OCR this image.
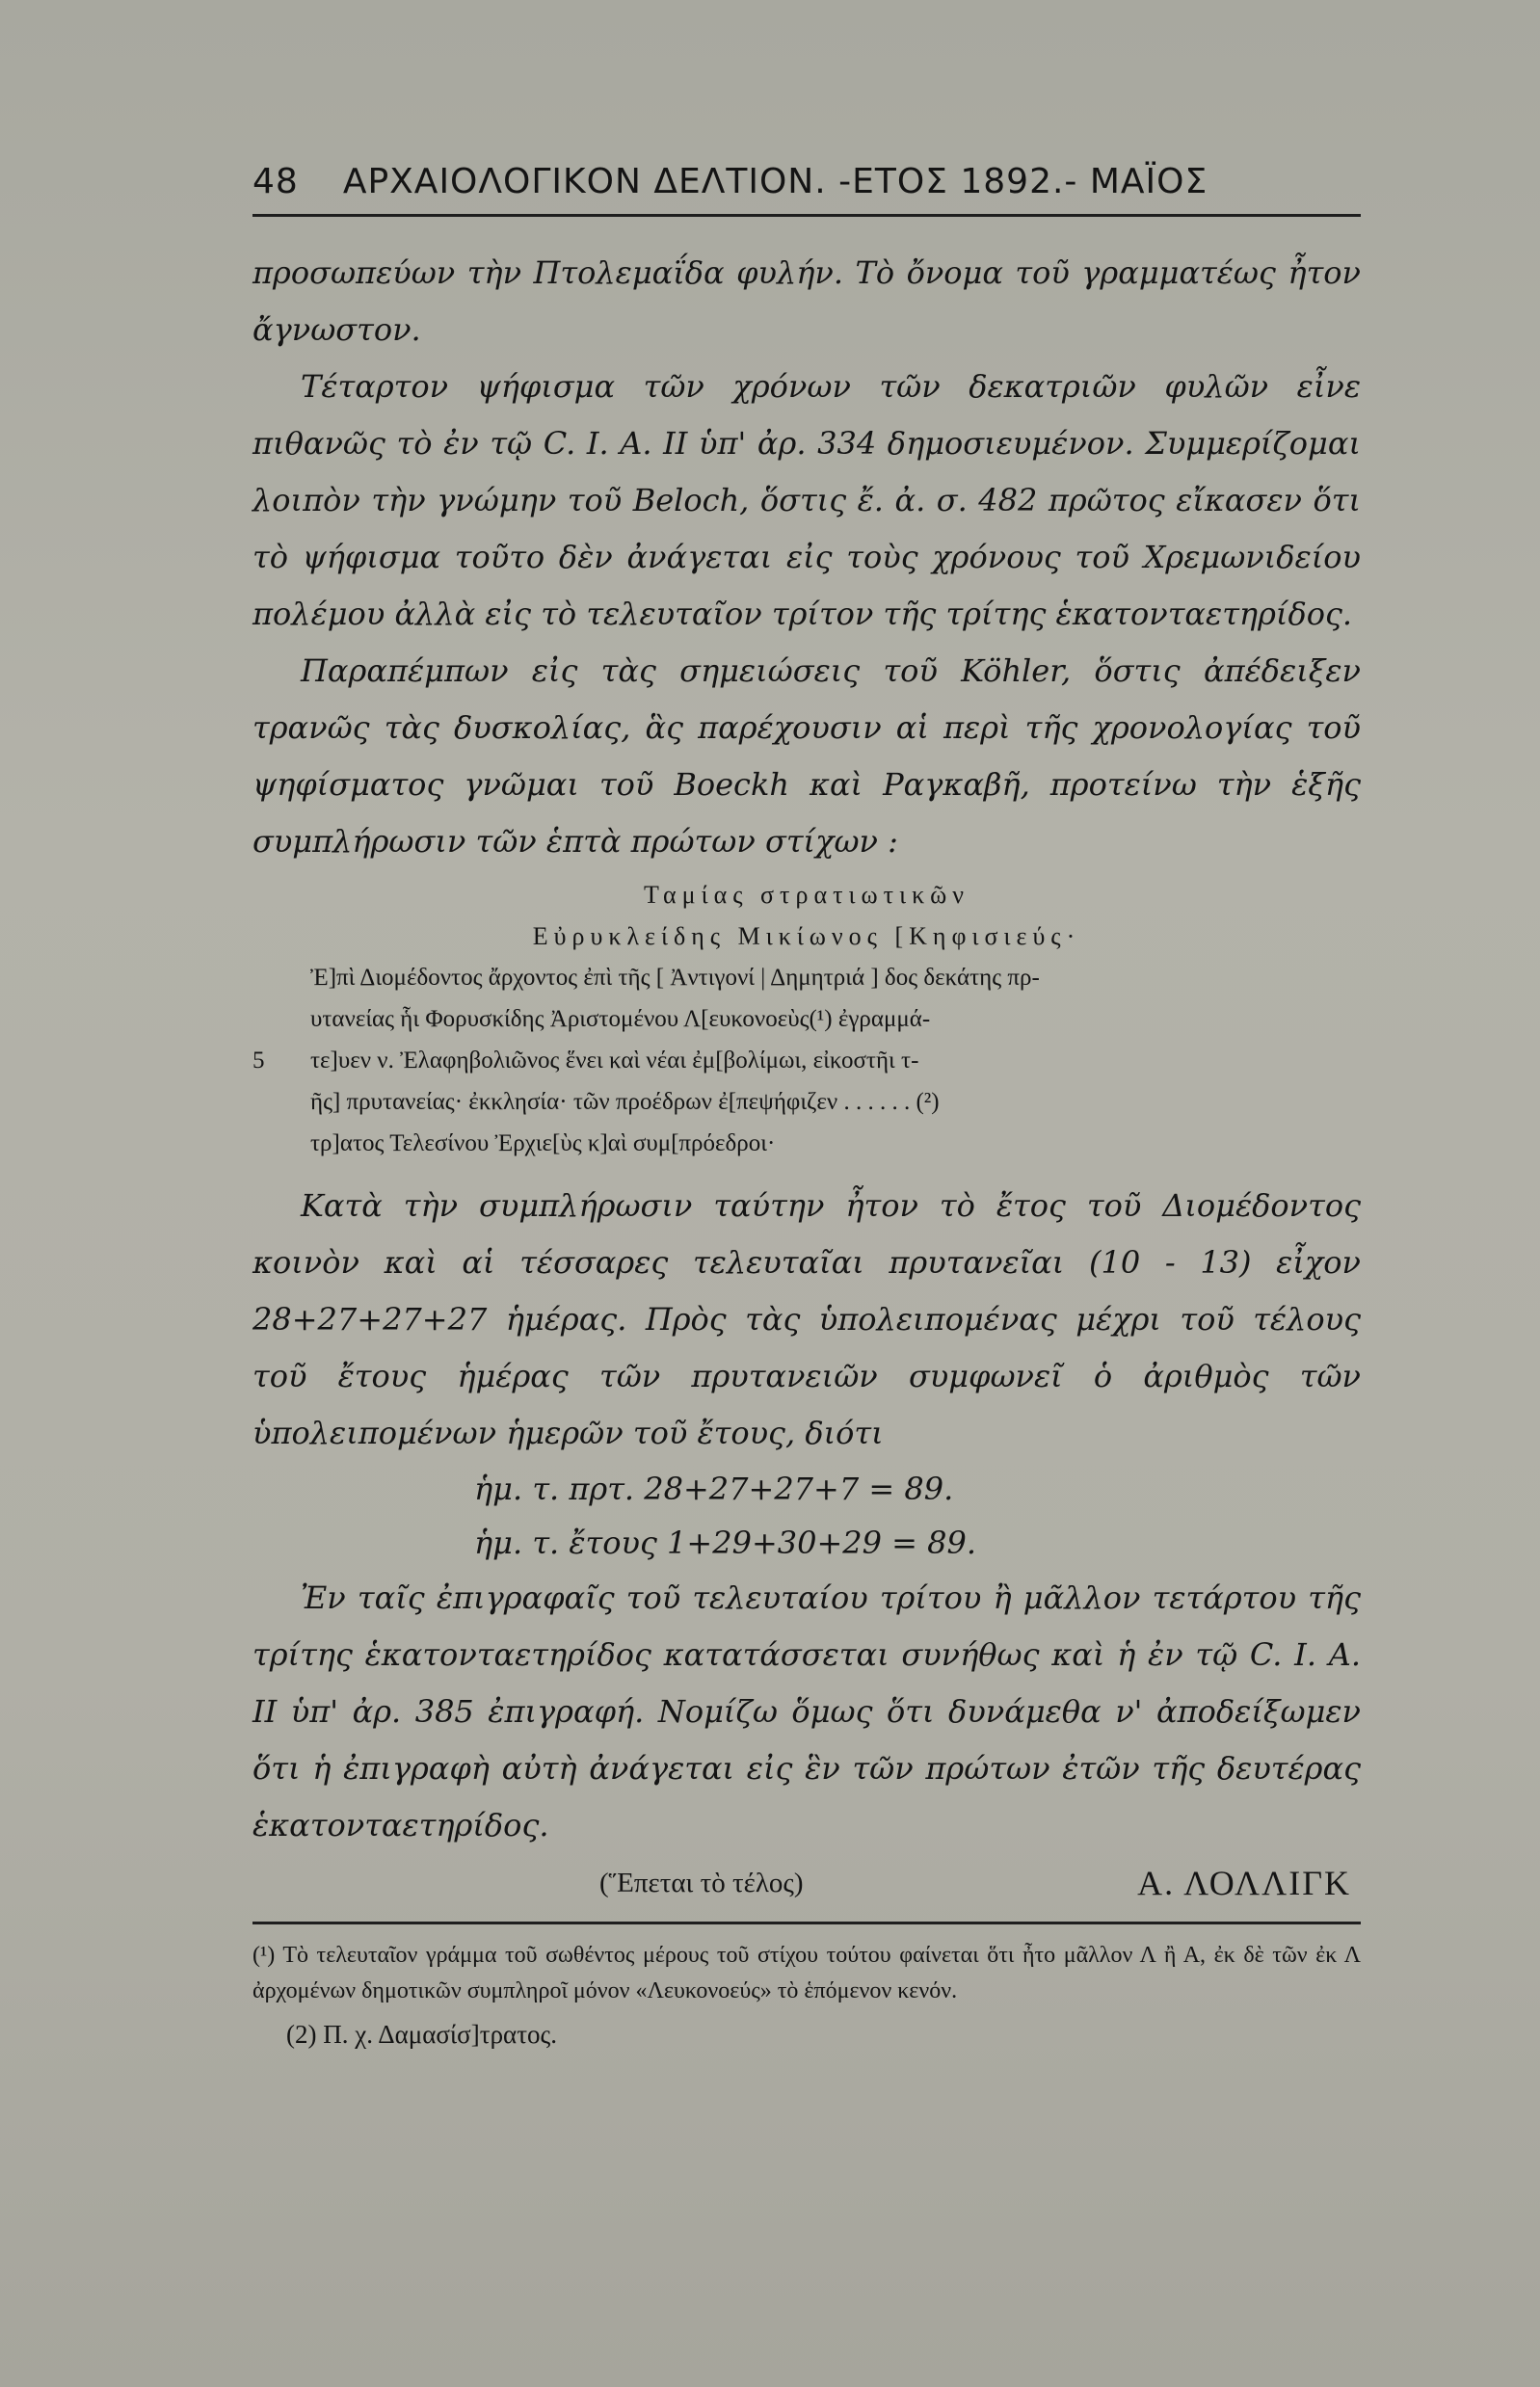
48 ΑΡΧΑΙΟΛΟΓΙΚΟΝ ΔΕΛΤΙΟΝ. -ΕΤΟΣ 1892.- ΜΑΪΟΣ

προσωπεύων τὴν Πτολεμαΐδα φυλήν. Τὸ ὄνομα τοῦ γραμματέως ἦτον ἄγνωστον.

Τέταρτον ψήφισμα τῶν χρόνων τῶν δεκατριῶν φυλῶν εἶνε πιθανῶς τὸ ἐν τῷ C. I. A. II ὑπ' ἀρ. 334 δημοσιευμένον. Συμμερίζομαι λοιπὸν τὴν γνώμην τοῦ Beloch, ὅστις ἔ. ἀ. σ. 482 πρῶτος εἴκασεν ὅτι τὸ ψήφισμα τοῦτο δὲν ἀνάγεται εἰς τοὺς χρόνους τοῦ Χρεμωνιδείου πολέμου ἀλλὰ εἰς τὸ τελευταῖον τρίτον τῆς τρίτης ἑκατονταετηρίδος.

Παραπέμπων εἰς τὰς σημειώσεις τοῦ Köhler, ὅστις ἀπέδειξεν τρανῶς τὰς δυσκολίας, ἃς παρέχουσιν αἱ περὶ τῆς χρονολογίας τοῦ ψηφίσματος γνῶμαι τοῦ Boeckh καὶ Ραγκαβῆ, προτείνω τὴν ἑξῆς συμπλήρωσιν τῶν ἑπτὰ πρώτων στίχων :

Ταμίας στρατιωτικῶν
Εὐρυκλείδης Μικίωνος [Κηφισιεύς·
Ἐ]πὶ Διομέδοντος ἄρχοντος ἐπὶ τῆς [ Ἀντιγονί | Δημητριά ] δος δεκάτης πρ-
υτανείας ἧι Φορυσκίδης Ἀριστομένου Λ[ευκονοεὺς(¹) ἐγραμμά-
5 τε]υεν ν. Ἐλαφηβολιῶνος ἕνει καὶ νέαι ἐμ[βολίμωι, εἰκοστῆι τ-
ῆς] πρυτανείας· ἐκκλησία· τῶν προέδρων ἐ[πεψήφιζεν . . . . . . (²)
τρ]ατος Τελεσίνου Ἐρχιε[ὺς κ]αὶ συμ[πρόεδροι·

Κατὰ τὴν συμπλήρωσιν ταύτην ἦτον τὸ ἔτος τοῦ Διομέδοντος κοινὸν καὶ αἱ τέσσαρες τελευταῖαι πρυτανεῖαι (10 - 13) εἶχον 28+27+27+27 ἡμέρας. Πρὸς τὰς ὑπολειπομένας μέχρι τοῦ τέλους τοῦ ἔτους ἡμέρας τῶν πρυτανειῶν συμφωνεῖ ὁ ἀριθμὸς τῶν ὑπολειπομένων ἡμερῶν τοῦ ἔτους, διότι

ἡμ. τ. πρτ. 28+27+27+7 = 89.
ἡμ. τ. ἔτους 1+29+30+29 = 89.

Ἐν ταῖς ἐπιγραφαῖς τοῦ τελευταίου τρίτου ἢ μᾶλλον τετάρτου τῆς τρίτης ἑκατονταετηρίδος κατατάσσεται συνήθως καὶ ἡ ἐν τῷ C. I. A. II ὑπ' ἀρ. 385 ἐπιγραφή. Νομίζω ὅμως ὅτι δυνάμεθα ν' ἀποδείξωμεν ὅτι ἡ ἐπιγραφὴ αὐτὴ ἀνάγεται εἰς ἓν τῶν πρώτων ἐτῶν τῆς δευτέρας ἑκατονταετηρίδος.

(Ἕπεται τὸ τέλος)	Α. ΛΟΛΛΙΓΚ

(¹) Τὸ τελευταῖον γράμμα τοῦ σωθέντος μέρους τοῦ στίχου τούτου φαίνεται ὅτι ἦτο μᾶλλον Λ ἢ Α, ἐκ δὲ τῶν ἐκ Λ ἀρχομένων δημοτικῶν συμπληροῖ μόνον «Λευκονοεύς» τὸ ἑπόμενον κενόν.

(2) Π. χ. Δαμασίσ]τρατος.
